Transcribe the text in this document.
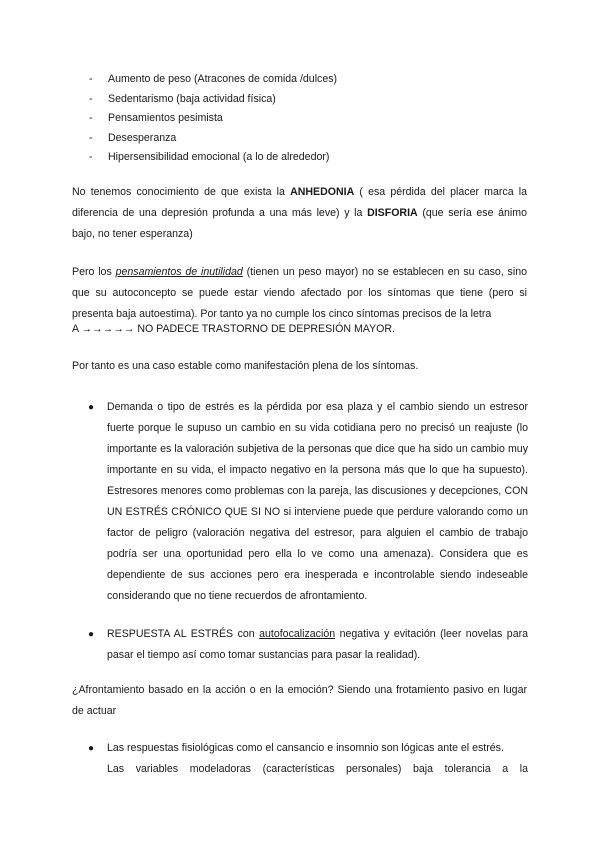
-	Aumento de peso (Atracones de comida /dulces)
-	Sedentarismo (baja actividad física)
-	Pensamientos pesimista
-	Desesperanza
-	Hipersensibilidad emocional (a lo de alrededor)

No tenemos conocimiento de que exista la ANHEDONIA ( esa pérdida del placer marca la diferencia de una depresión profunda a una más leve) y la DISFORIA (que sería ese ánimo bajo, no tener esperanza)

Pero los pensamientos de inutilidad (tienen un peso mayor) no se establecen en su caso, sino que su autoconcepto se puede estar viendo afectado por los síntomas que tiene (pero si presenta baja autoestima). Por tanto ya no cumple los cinco síntomas precisos de la letra

A →→→→→ NO PADECE TRASTORNO DE DEPRESIÓN MAYOR.

Por tanto es una caso estable como manifestación plena de los síntomas.

●	Demanda o tipo de estrés es la pérdida por esa plaza y el cambio siendo un estresor fuerte porque le supuso un cambio en su vida cotidiana pero no precisó un reajuste (lo importante es la valoración subjetiva de la personas que dice que ha sido un cambio muy importante en su vida, el impacto negativo en la persona más que lo que ha supuesto). Estresores menores como problemas con la pareja, las discusiones y decepciones, CON UN ESTRÉS CRÓNICO QUE SI NO si interviene puede que perdure valorando como un factor de peligro (valoración negativa del estresor, para alguien el cambio de trabajo podría ser una oportunidad pero ella lo ve como una amenaza). Considera que es dependiente de sus acciones pero era inesperada e incontrolable siendo indeseable considerando que no tiene recuerdos de afrontamiento.

●	RESPUESTA AL ESTRÉS con autofocalización negativa y evitación (leer novelas para pasar el tiempo así como tomar sustancias para pasar la realidad).

¿Afrontamiento basado en la acción o en la emoción? Siendo una frotamiento pasivo en lugar de actuar

●	Las respuestas fisiológicas como el cansancio e insomnio son lógicas ante el estrés.
Las variables modeladoras (características personales) baja tolerancia a la
